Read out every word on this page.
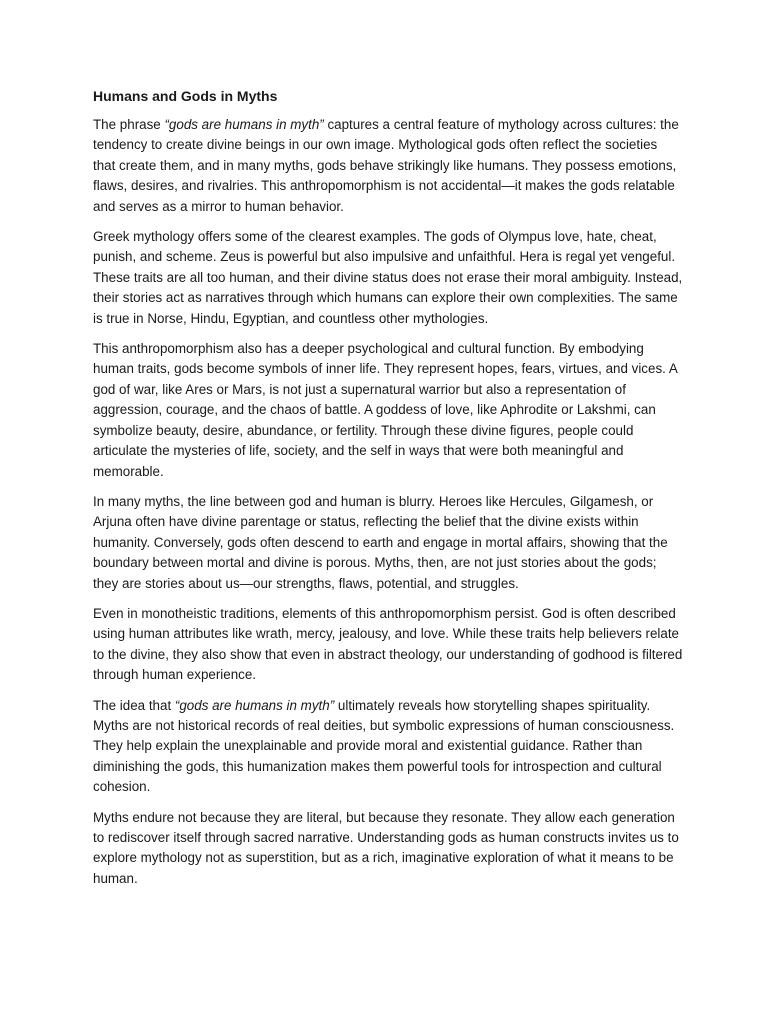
Humans and Gods in Myths

The phrase “gods are humans in myth” captures a central feature of mythology across cultures: the tendency to create divine beings in our own image. Mythological gods often reflect the societies that create them, and in many myths, gods behave strikingly like humans. They possess emotions, flaws, desires, and rivalries. This anthropomorphism is not accidental—it makes the gods relatable and serves as a mirror to human behavior.

Greek mythology offers some of the clearest examples. The gods of Olympus love, hate, cheat, punish, and scheme. Zeus is powerful but also impulsive and unfaithful. Hera is regal yet vengeful. These traits are all too human, and their divine status does not erase their moral ambiguity. Instead, their stories act as narratives through which humans can explore their own complexities. The same is true in Norse, Hindu, Egyptian, and countless other mythologies.

This anthropomorphism also has a deeper psychological and cultural function. By embodying human traits, gods become symbols of inner life. They represent hopes, fears, virtues, and vices. A god of war, like Ares or Mars, is not just a supernatural warrior but also a representation of aggression, courage, and the chaos of battle. A goddess of love, like Aphrodite or Lakshmi, can symbolize beauty, desire, abundance, or fertility. Through these divine figures, people could articulate the mysteries of life, society, and the self in ways that were both meaningful and memorable.

In many myths, the line between god and human is blurry. Heroes like Hercules, Gilgamesh, or Arjuna often have divine parentage or status, reflecting the belief that the divine exists within humanity. Conversely, gods often descend to earth and engage in mortal affairs, showing that the boundary between mortal and divine is porous. Myths, then, are not just stories about the gods; they are stories about us—our strengths, flaws, potential, and struggles.

Even in monotheistic traditions, elements of this anthropomorphism persist. God is often described using human attributes like wrath, mercy, jealousy, and love. While these traits help believers relate to the divine, they also show that even in abstract theology, our understanding of godhood is filtered through human experience.

The idea that “gods are humans in myth” ultimately reveals how storytelling shapes spirituality. Myths are not historical records of real deities, but symbolic expressions of human consciousness. They help explain the unexplainable and provide moral and existential guidance. Rather than diminishing the gods, this humanization makes them powerful tools for introspection and cultural cohesion.

Myths endure not because they are literal, but because they resonate. They allow each generation to rediscover itself through sacred narrative. Understanding gods as human constructs invites us to explore mythology not as superstition, but as a rich, imaginative exploration of what it means to be human.
